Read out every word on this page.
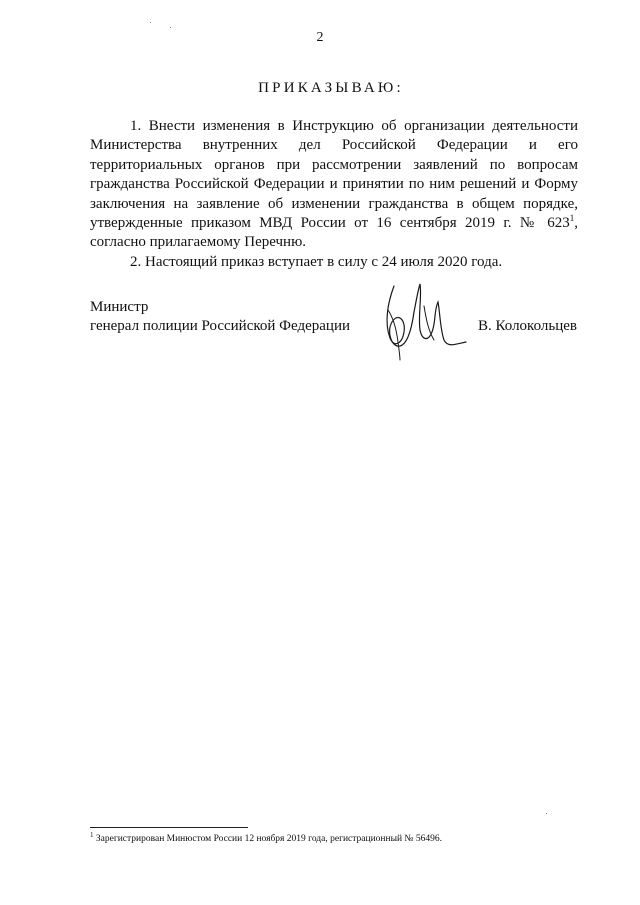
2
ПРИКАЗЫВАЮ:

1. Внести изменения в Инструкцию об организации деятельности Министерства внутренних дел Российской Федерации и его территориальных органов при рассмотрении заявлений по вопросам гражданства Российской Федерации и принятии по ним решений и Форму заключения на заявление об изменении гражданства в общем порядке, утвержденные приказом МВД России от 16 сентября 2019 г. № $623^1$, согласно прилагаемому Перечню.

2. Настоящий приказ вступает в силу с 24 июля 2020 года.

Министр
генерал полиции Российской Федерации	В. Колокольцев
$^1$ Зарегистрирован Минюстом России 12 ноября 2019 года, регистрационный № 56496.
